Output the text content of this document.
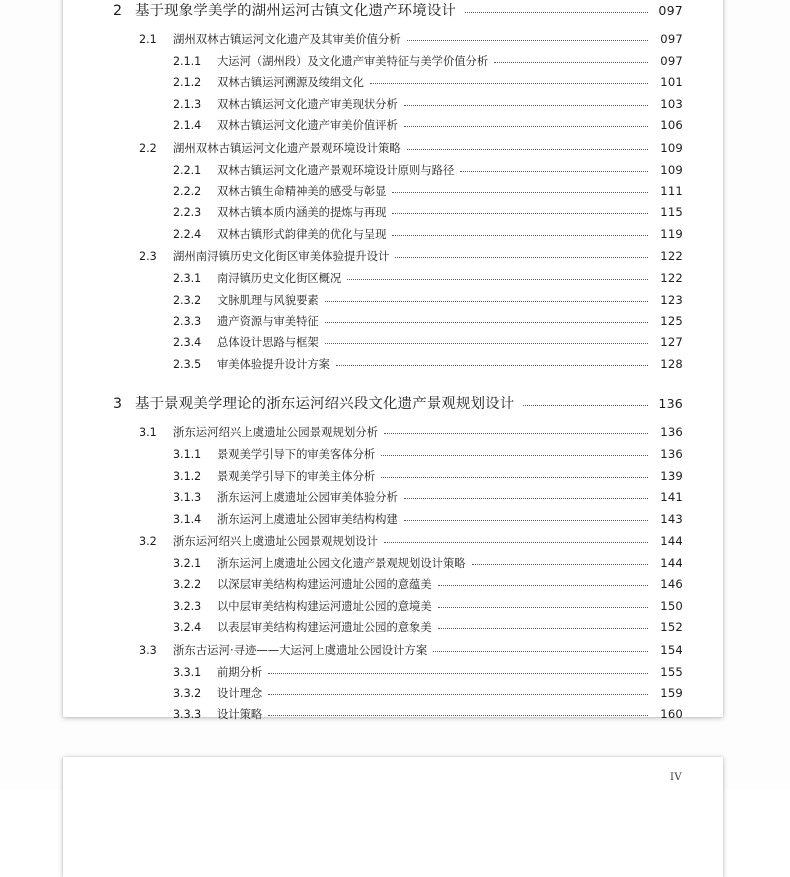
2 基于现象学美学的湖州运河古镇文化遗产环境设计	097
2.1	湖州双林古镇运河文化遗产及其审美价值分析	097
2.1.1	大运河（湖州段）及文化遗产审美特征与美学价值分析	097
2.1.2	双林古镇运河溯源及绫绢文化	101
2.1.3	双林古镇运河文化遗产审美现状分析	103
2.1.4	双林古镇运河文化遗产审美价值评析	106
2.2	湖州双林古镇运河文化遗产景观环境设计策略	109
2.2.1	双林古镇运河文化遗产景观环境设计原则与路径	109
2.2.2	双林古镇生命精神美的感受与彰显	111
2.2.3	双林古镇本质内涵美的提炼与再现	115
2.2.4	双林古镇形式韵律美的优化与呈现	119
2.3	湖州南浔镇历史文化街区审美体验提升设计	122
2.3.1	南浔镇历史文化街区概况	122
2.3.2	文脉肌理与风貌要素	123
2.3.3	遗产资源与审美特征	125
2.3.4	总体设计思路与框架	127
2.3.5	审美体验提升设计方案	128
3 基于景观美学理论的浙东运河绍兴段文化遗产景观规划设计	136
3.1	浙东运河绍兴上虞遗址公园景观规划分析	136
3.1.1	景观美学引导下的审美客体分析	136
3.1.2	景观美学引导下的审美主体分析	139
3.1.3	浙东运河上虞遗址公园审美体验分析	141
3.1.4	浙东运河上虞遗址公园审美结构构建	143
3.2	浙东运河绍兴上虞遗址公园景观规划设计	144
3.2.1	浙东运河上虞遗址公园文化遗产景观规划设计策略	144
3.2.2	以深层审美结构构建运河遗址公园的意蕴美	146
3.2.3	以中层审美结构构建运河遗址公园的意境美	150
3.2.4	以表层审美结构构建运河遗址公园的意象美	152
3.3	浙东古运河·寻迹——大运河上虞遗址公园设计方案	154
3.3.1	前期分析	155
3.3.2	设计理念	159
3.3.3	设计策略	160
IV
